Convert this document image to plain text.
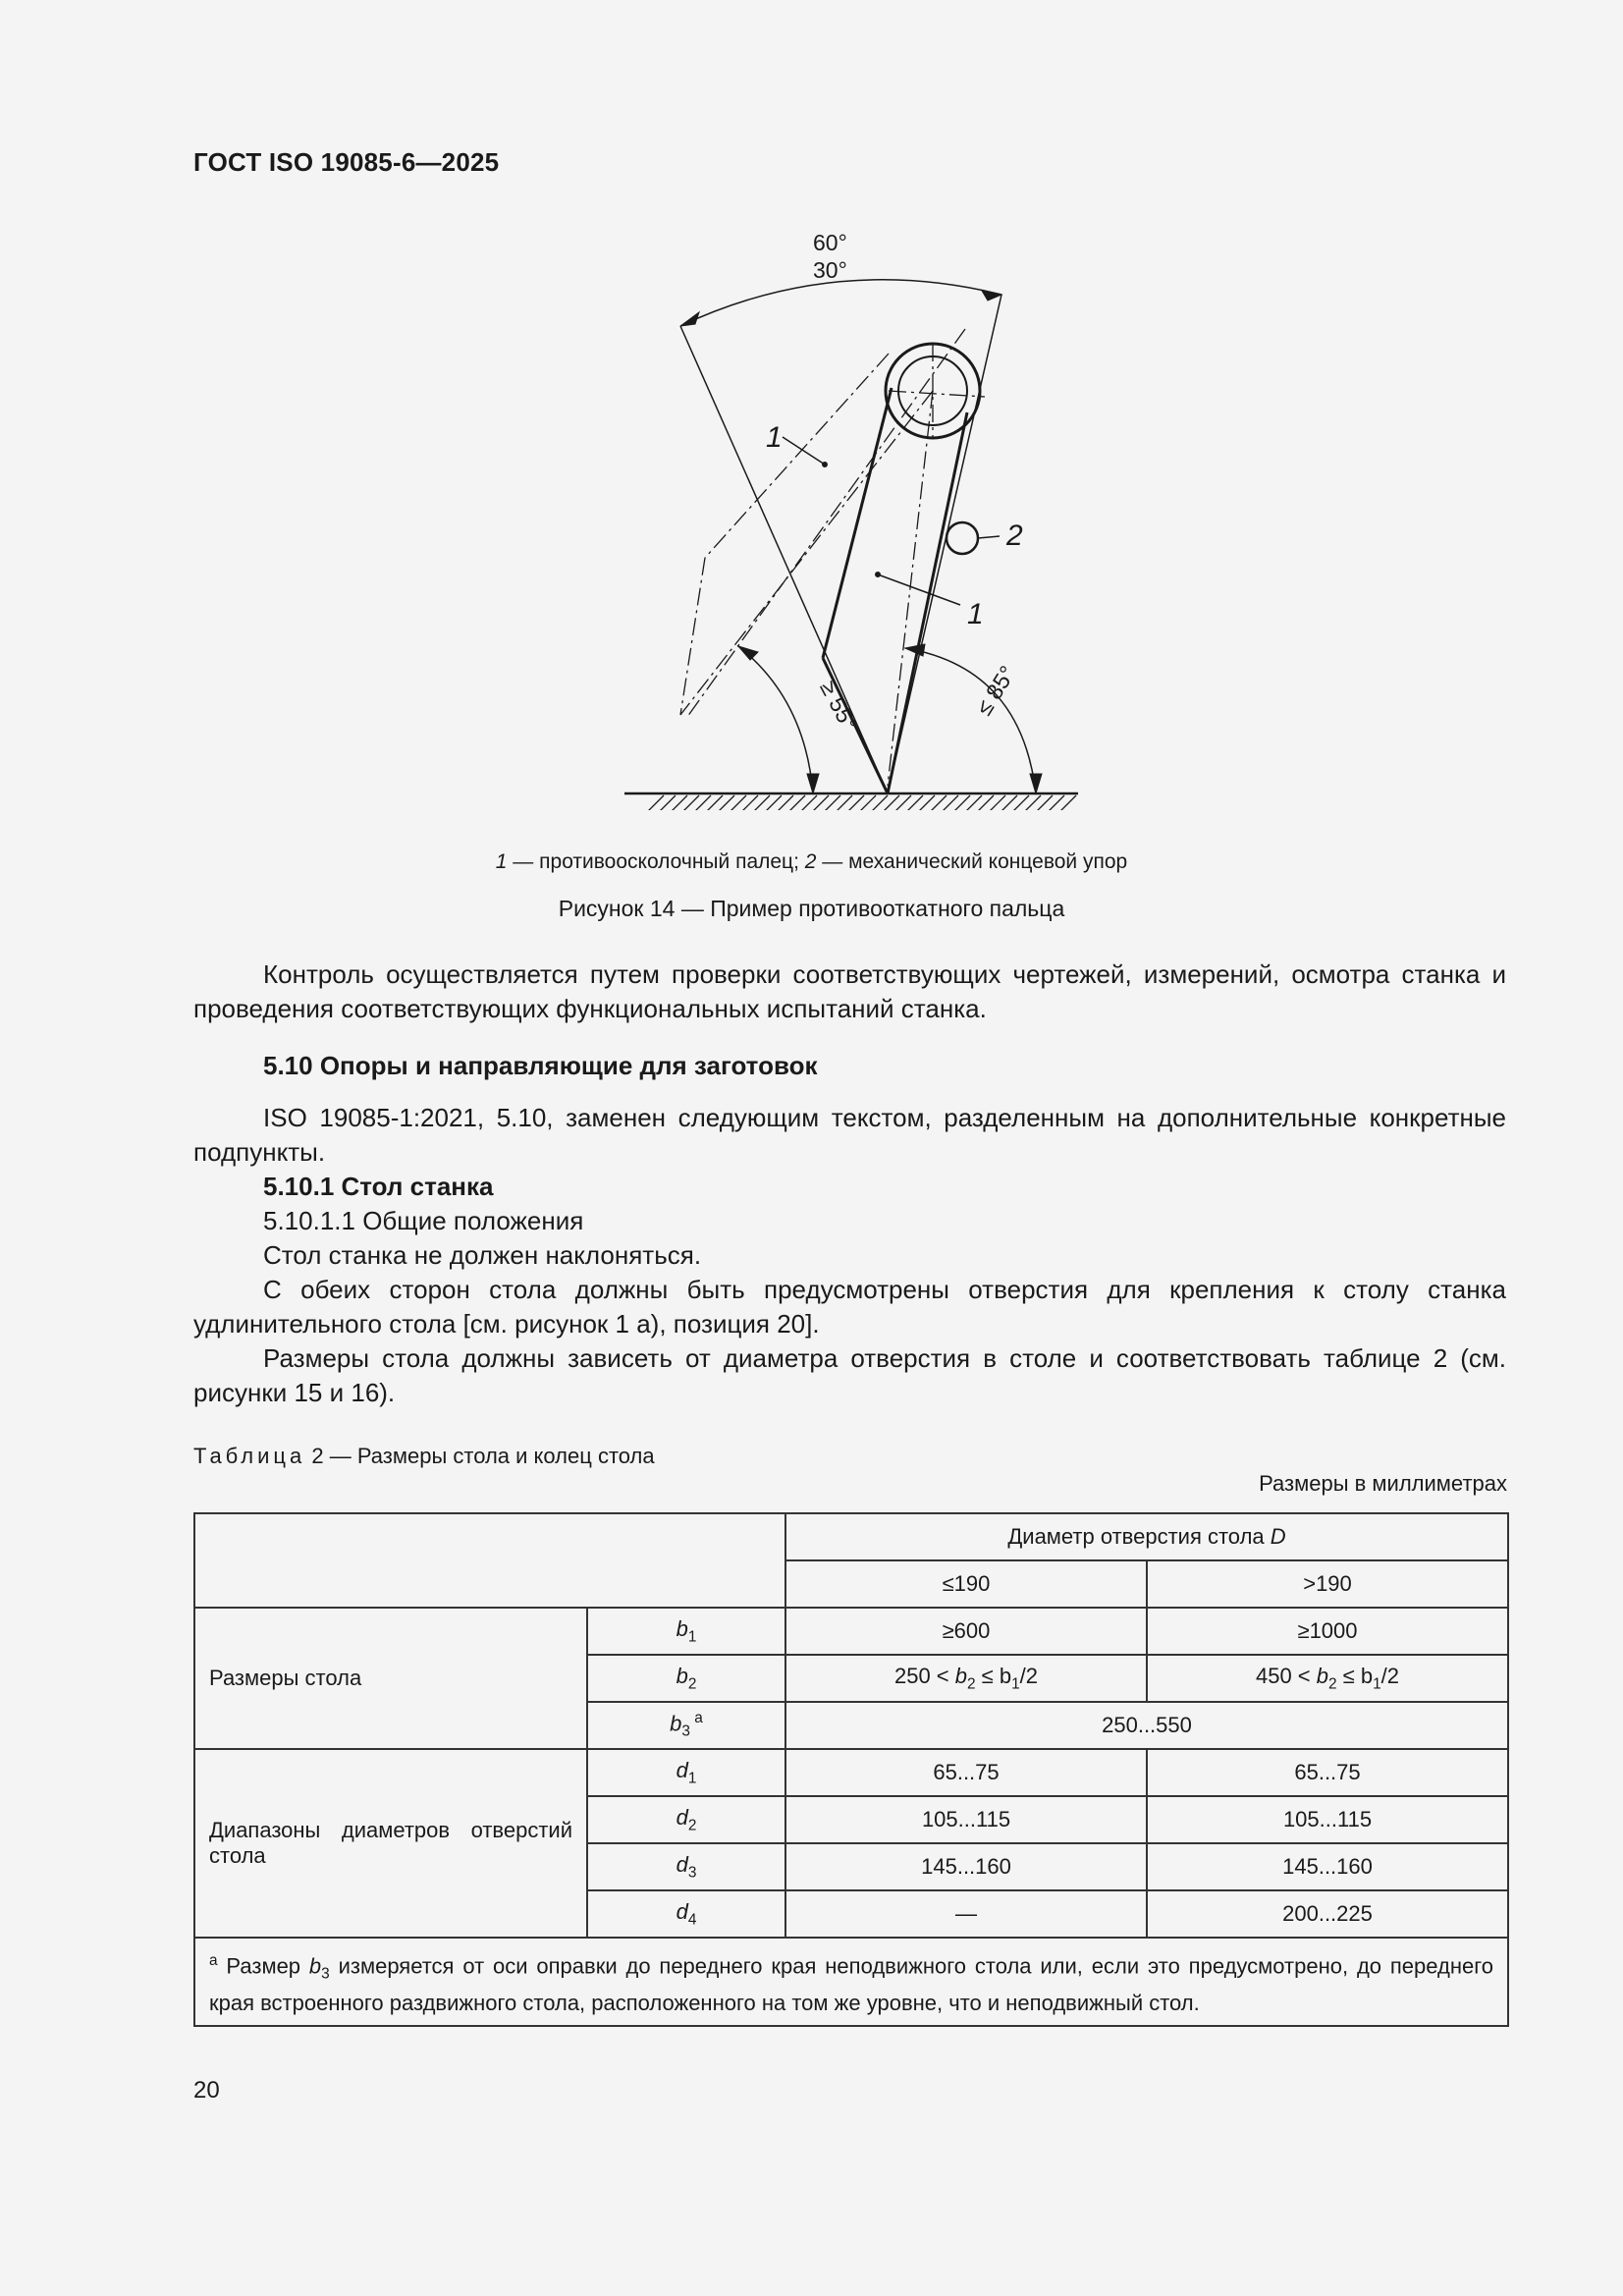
ГОСТ ISO 19085-6—2025
60°
30°
1
2
1
≥ 55°	≤ 85°
1 — противоосколочный палец; 2 — механический концевой упор
Рисунок 14 — Пример противооткатного пальца

Контроль осуществляется путем проверки соответствующих чертежей, измерений, осмотра станка и проведения соответствующих функциональных испытаний станка.

5.10 Опоры и направляющие для заготовок

ISO 19085-1:2021, 5.10, заменен следующим текстом, разделенным на дополнительные конкретные подпункты.

5.10.1 Стол станка

5.10.1.1 Общие положения

Стол станка не должен наклоняться.

С обеих сторон стола должны быть предусмотрены отверстия для крепления к столу станка удлинительного стола [см. рисунок 1 а), позиция 20].

Размеры стола должны зависеть от диаметра отверстия в столе и соответствовать таблице 2 (см. рисунки 15 и 16).

Таблица 2 — Размеры стола и колец стола
Размеры в миллиметрах
		Диаметр отверстия стола D	
		≤190	>190
Размеры стола	$b_1$	≥600	≥1000
	$b_2$	$250 < b_2 \le b_1/2$	$450 < b_2 \le b_1/2$
	$b_3$ $^a$	250...550	
Диапазоны диаметров отверстий стола	$d_1$	65...75	65...75
	$d_2$	105...115	105...115
	$d_3$	145...160	145...160
	$d_4$	—	200...225
$^a$ Размер $b_3$ измеряется от оси оправки до переднего края неподвижного стола или, если это предусмотрено, до переднего края встроенного раздвижного стола, расположенного на том же уровне, что и неподвижный стол.			
20
